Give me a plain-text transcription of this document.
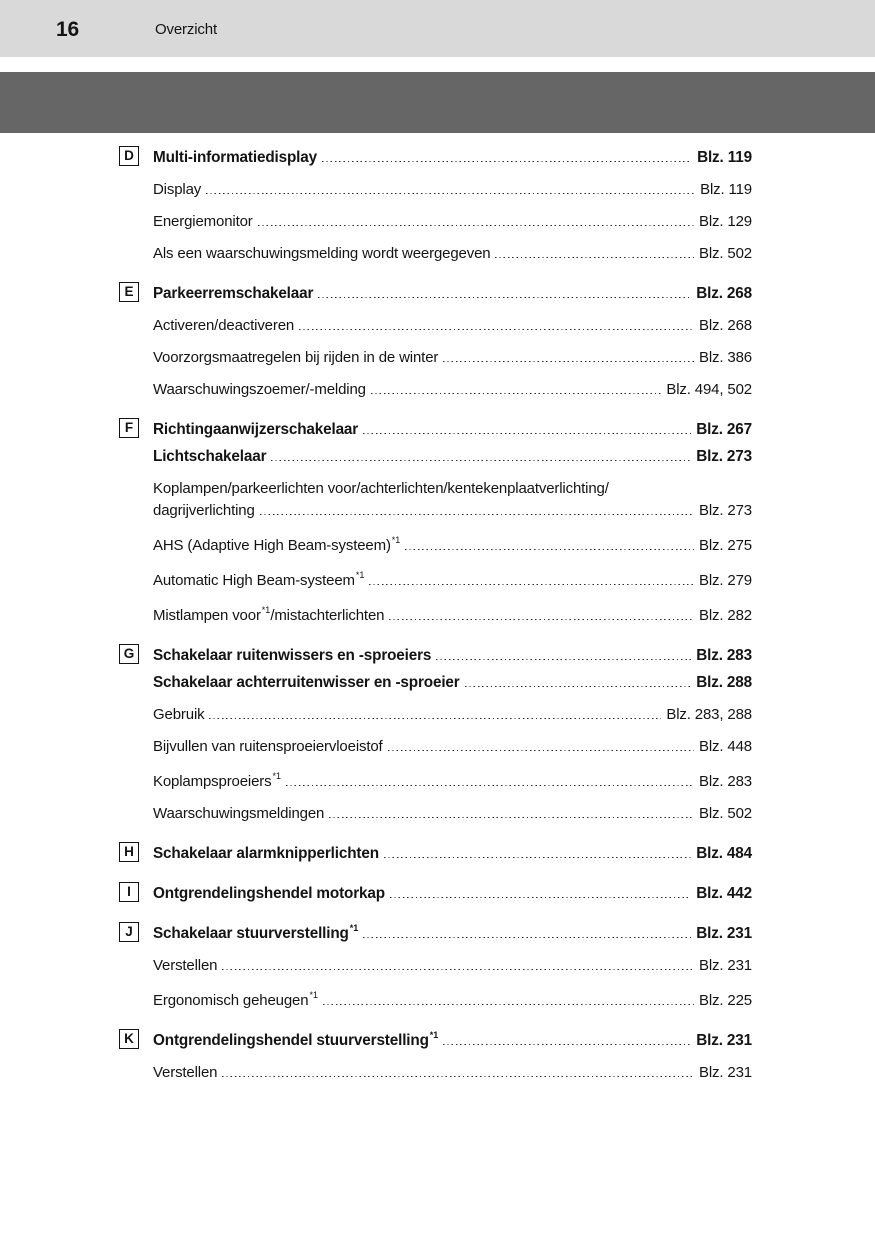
16	Overzicht
D	Multi-informatiedisplay	Blz. 119
Display	Blz. 119
Energiemonitor	Blz. 129
Als een waarschuwingsmelding wordt weergegeven	Blz. 502
E	Parkeerremschakelaar	Blz. 268
Activeren/deactiveren	Blz. 268
Voorzorgsmaatregelen bij rijden in de winter	Blz. 386
Waarschuwingszoemer/-melding	Blz. 494, 502
F	Richtingaanwijzerschakelaar	Blz. 267
Lichtschakelaar	Blz. 273
Koplampen/parkeerlichten voor/achterlichten/kentekenplaatverlichting/
dagrijverlichting	Blz. 273
AHS (Adaptive High Beam-systeem)$^{*1}$	Blz. 275
Automatic High Beam-systeem$^{*1}$	Blz. 279
Mistlampen voor$^{*1}$/mistachterlichten	Blz. 282
G	Schakelaar ruitenwissers en -sproeiers	Blz. 283
Schakelaar achterruitenwisser en -sproeier	Blz. 288
Gebruik	Blz. 283, 288
Bijvullen van ruitensproeiervloeistof	Blz. 448
Koplampsproeiers$^{*1}$	Blz. 283
Waarschuwingsmeldingen	Blz. 502
H	Schakelaar alarmknipperlichten	Blz. 484
I	Ontgrendelingshendel motorkap	Blz. 442
J	Schakelaar stuurverstelling$^{*1}$	Blz. 231
Verstellen	Blz. 231
Ergonomisch geheugen$^{*1}$	Blz. 225
K	Ontgrendelingshendel stuurverstelling$^{*1}$	Blz. 231
Verstellen	Blz. 231
